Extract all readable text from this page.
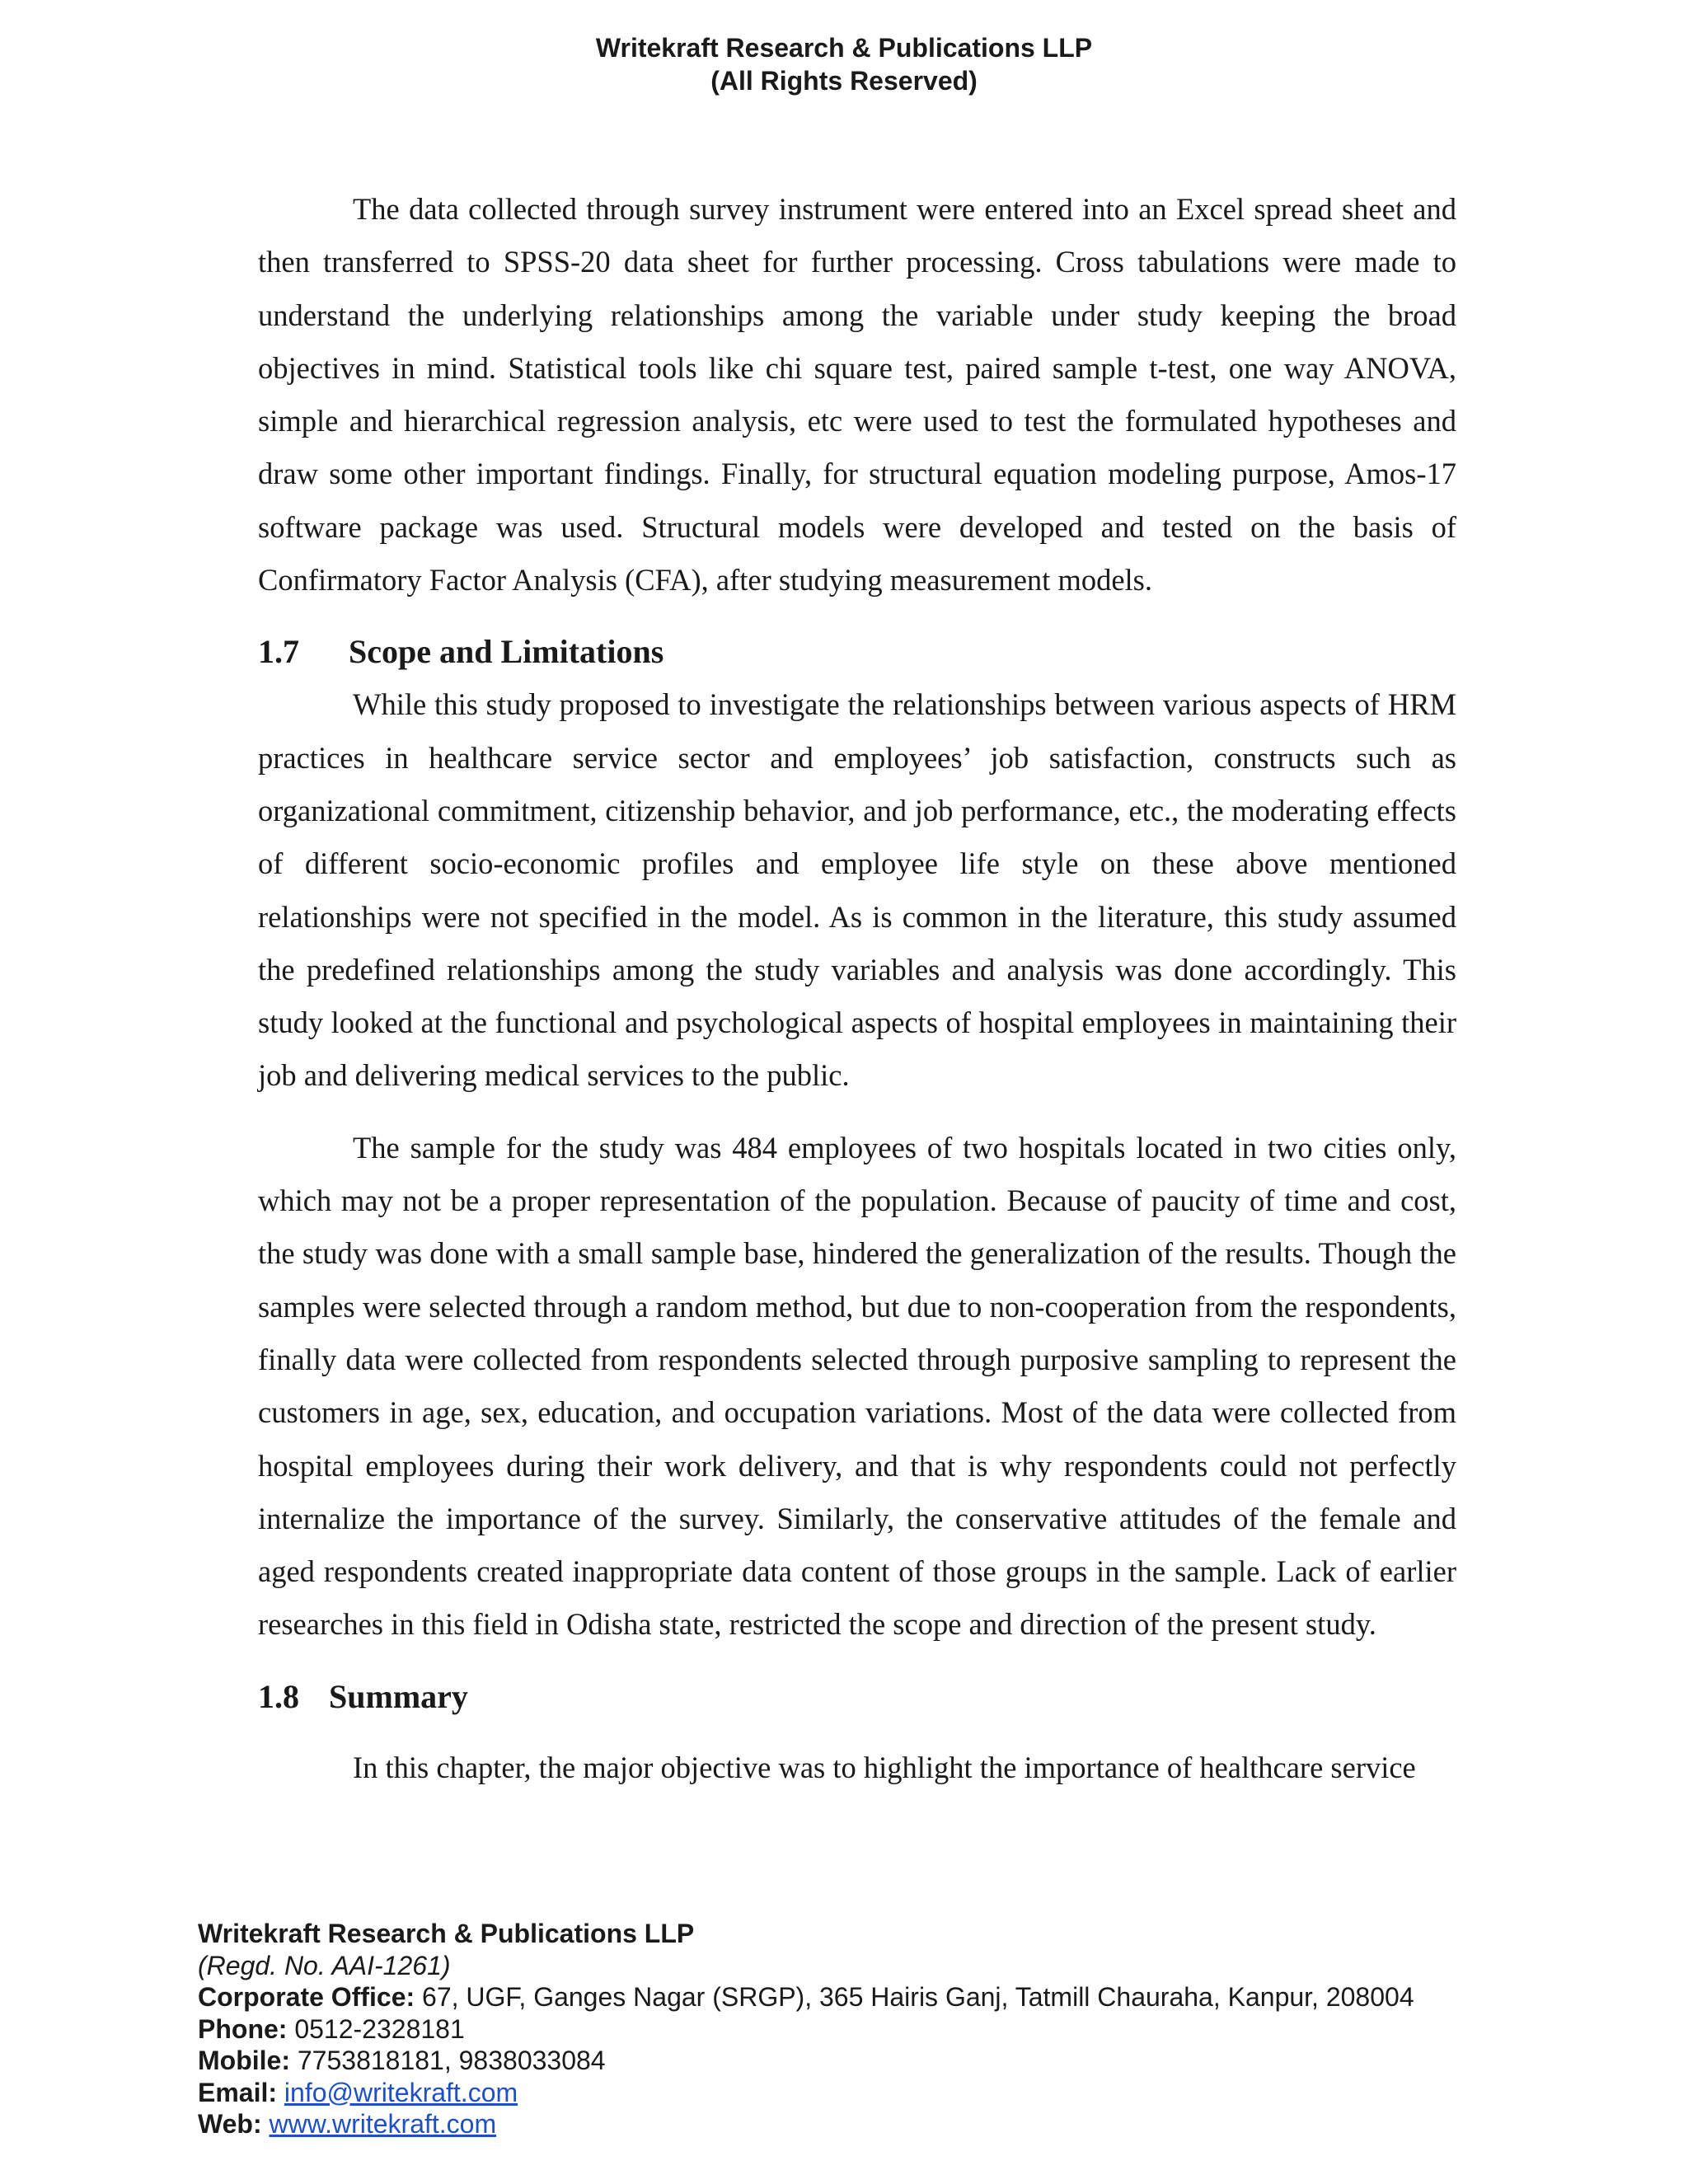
Writekraft Research & Publications LLP
(All Rights Reserved)

The data collected through survey instrument were entered into an Excel spread sheet and then transferred to SPSS-20 data sheet for further processing. Cross tabulations were made to understand the underlying relationships among the variable under study keeping the broad objectives in mind. Statistical tools like chi square test, paired sample t-test, one way ANOVA, simple and hierarchical regression analysis, etc were used to test the formulated hypotheses and draw some other important findings. Finally, for structural equation modeling purpose, Amos-17 software package was used. Structural models were developed and tested on the basis of Confirmatory Factor Analysis (CFA), after studying measurement models.

1.7 Scope and Limitations

While this study proposed to investigate the relationships between various aspects of HRM practices in healthcare service sector and employees’ job satisfaction, constructs such as organizational commitment, citizenship behavior, and job performance, etc., the moderating effects of different socio-economic profiles and employee life style on these above mentioned relationships were not specified in the model. As is common in the literature, this study assumed the predefined relationships among the study variables and analysis was done accordingly. This study looked at the functional and psychological aspects of hospital employees in maintaining their job and delivering medical services to the public.

The sample for the study was 484 employees of two hospitals located in two cities only, which may not be a proper representation of the population. Because of paucity of time and cost, the study was done with a small sample base, hindered the generalization of the results. Though the samples were selected through a random method, but due to non-cooperation from the respondents, finally data were collected from respondents selected through purposive sampling to represent the customers in age, sex, education, and occupation variations. Most of the data were collected from hospital employees during their work delivery, and that is why respondents could not perfectly internalize the importance of the survey. Similarly, the conservative attitudes of the female and aged respondents created inappropriate data content of those groups in the sample. Lack of earlier researches in this field in Odisha state, restricted the scope and direction of the present study.

1.8 Summary

In this chapter, the major objective was to highlight the importance of healthcare service

Writekraft Research & Publications LLP
(Regd. No. AAI-1261)
Corporate Office: 67, UGF, Ganges Nagar (SRGP), 365 Hairis Ganj, Tatmill Chauraha, Kanpur, 208004
Phone: 0512-2328181
Mobile: 7753818181, 9838033084
Email: info@writekraft.com
Web: www.writekraft.com
